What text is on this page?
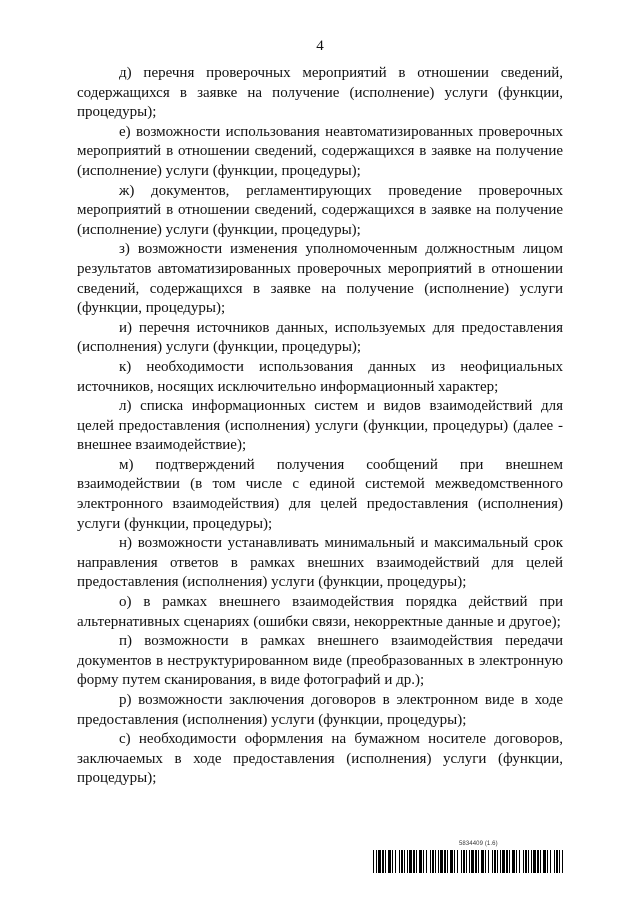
4

д) перечня проверочных мероприятий в отношении сведений, содержащихся в заявке на получение (исполнение) услуги (функции, процедуры);

е) возможности использования неавтоматизированных проверочных мероприятий в отношении сведений, содержащихся в заявке на получение (исполнение) услуги (функции, процедуры);

ж) документов, регламентирующих проведение проверочных мероприятий в отношении сведений, содержащихся в заявке на получение (исполнение) услуги (функции, процедуры);

з) возможности изменения уполномоченным должностным лицом результатов автоматизированных проверочных мероприятий в отношении сведений, содержащихся в заявке на получение (исполнение) услуги (функции, процедуры);

и) перечня источников данных, используемых для предоставления (исполнения) услуги (функции, процедуры);

к) необходимости использования данных из неофициальных источников, носящих исключительно информационный характер;

л) списка информационных систем и видов взаимодействий для целей предоставления (исполнения) услуги (функции, процедуры) (далее - внешнее взаимодействие);

м) подтверждений получения сообщений при внешнем взаимодействии (в том числе с единой системой межведомственного электронного взаимодействия) для целей предоставления (исполнения) услуги (функции, процедуры);

н) возможности устанавливать минимальный и максимальный срок направления ответов в рамках внешних взаимодействий для целей предоставления (исполнения) услуги (функции, процедуры);

о) в рамках внешнего взаимодействия порядка действий при альтернативных сценариях (ошибки связи, некорректные данные и другое);

п) возможности в рамках внешнего взаимодействия передачи документов в неструктурированном виде (преобразованных в электронную форму путем сканирования, в виде фотографий и др.);

р) возможности заключения договоров в электронном виде в ходе предоставления (исполнения) услуги (функции, процедуры);

с) необходимости оформления на бумажном носителе договоров, заключаемых в ходе предоставления (исполнения) услуги (функции, процедуры);

5834409 (1.6)
